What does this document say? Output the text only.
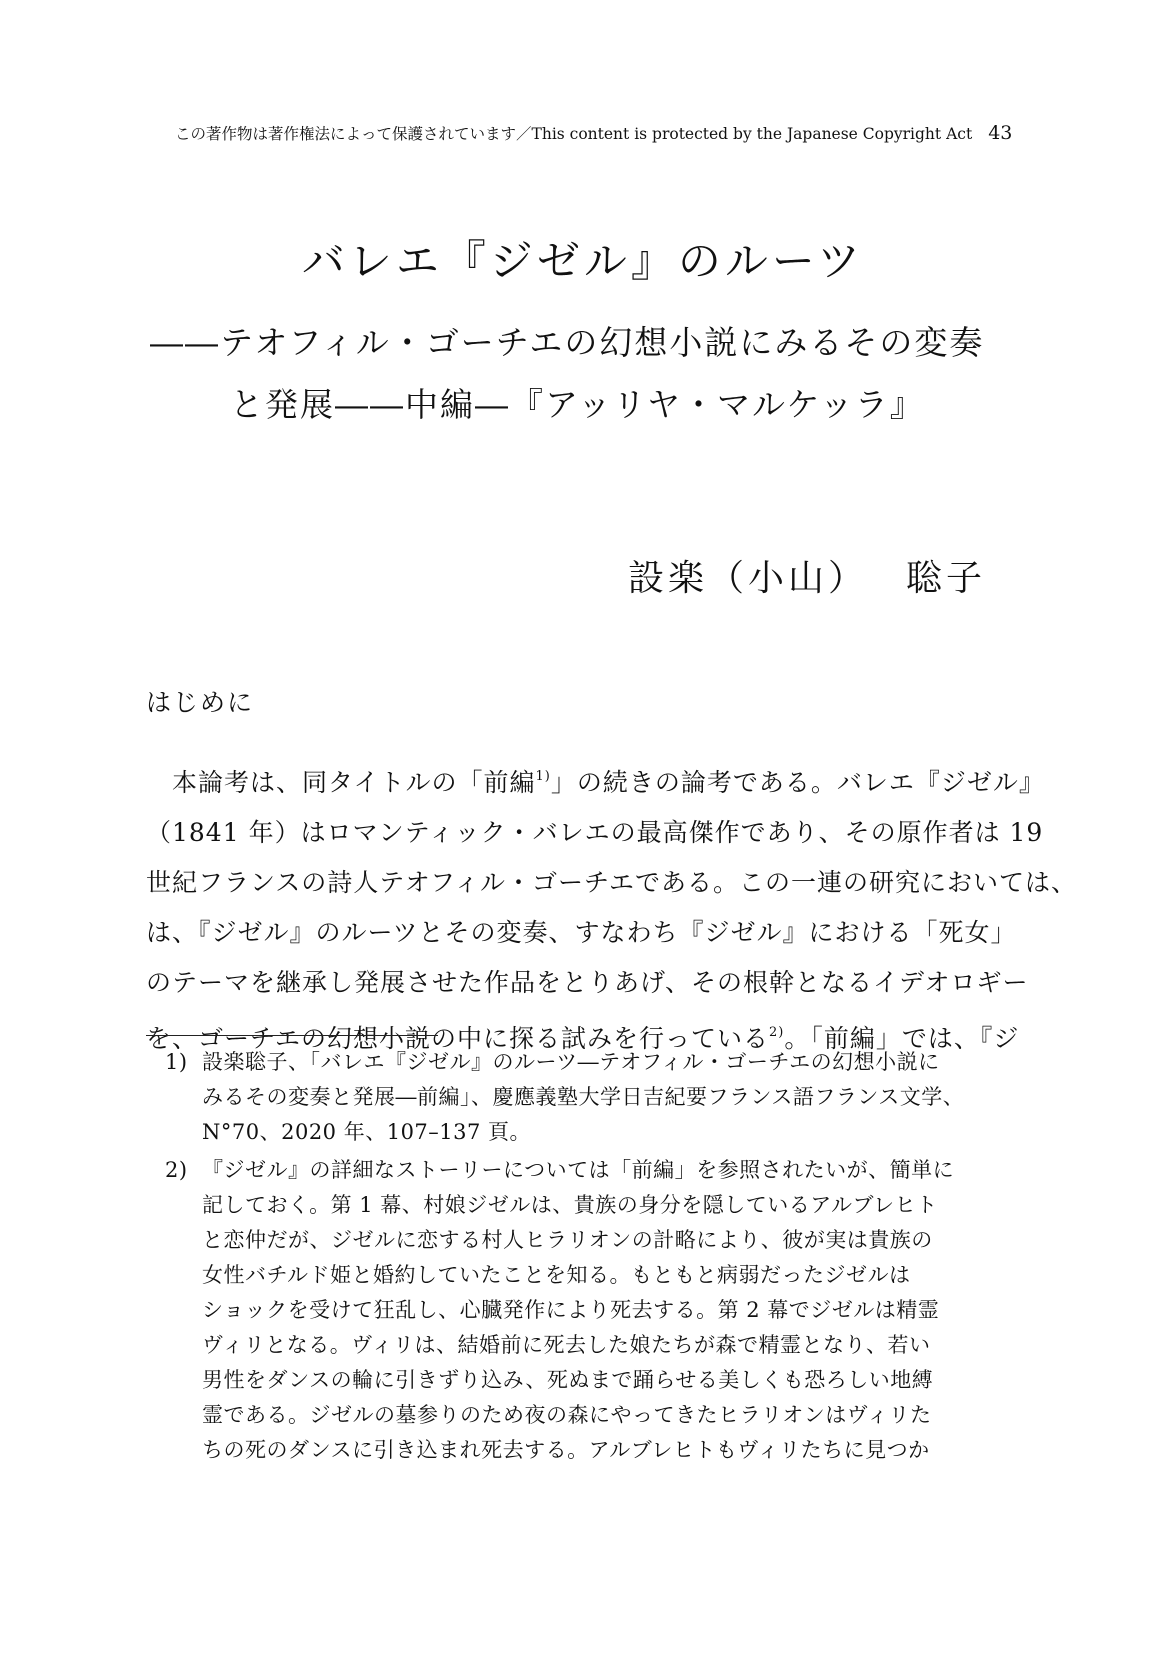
この著作物は著作権法によって保護されています／This content is protected by the Japanese Copyright Act 43
バレエ『ジゼル』のルーツ
――テオフィル・ゴーチエの幻想小説にみるその変奏
と発展――中編―『アッリヤ・マルケッラ』
設楽（小山） 聡子
はじめに
　本論考は、同タイトルの「前編$^{1)}$」の続きの論考である。バレエ『ジゼル』
（1841 年）はロマンティック・バレエの最高傑作であり、その原作者は 19
世紀フランスの詩人テオフィル・ゴーチエである。この一連の研究においては、
は、『ジゼル』のルーツとその変奏、すなわち『ジゼル』における「死女」
のテーマを継承し発展させた作品をとりあげ、その根幹となるイデオロギー
を、ゴーチエの幻想小説の中に探る試みを行っている$^{2)}$。「前編」では、『ジ
1) 設楽聡子、「バレエ『ジゼル』のルーツ―テオフィル・ゴーチエの幻想小説に
みるその変奏と発展―前編」、慶應義塾大学日吉紀要フランス語フランス文学、
N°70、2020 年、107–137 頁。
2) 『ジゼル』の詳細なストーリーについては「前編」を参照されたいが、簡単に
記しておく。第 1 幕、村娘ジゼルは、貴族の身分を隠しているアルブレヒト
と恋仲だが、ジゼルに恋する村人ヒラリオンの計略により、彼が実は貴族の
女性バチルド姫と婚約していたことを知る。もともと病弱だったジゼルは
ショックを受けて狂乱し、心臓発作により死去する。第 2 幕でジゼルは精霊
ヴィリとなる。ヴィリは、結婚前に死去した娘たちが森で精霊となり、若い
男性をダンスの輪に引きずり込み、死ぬまで踊らせる美しくも恐ろしい地縛
霊である。ジゼルの墓参りのため夜の森にやってきたヒラリオンはヴィリた
ちの死のダンスに引き込まれ死去する。アルブレヒトもヴィリたちに見つか
